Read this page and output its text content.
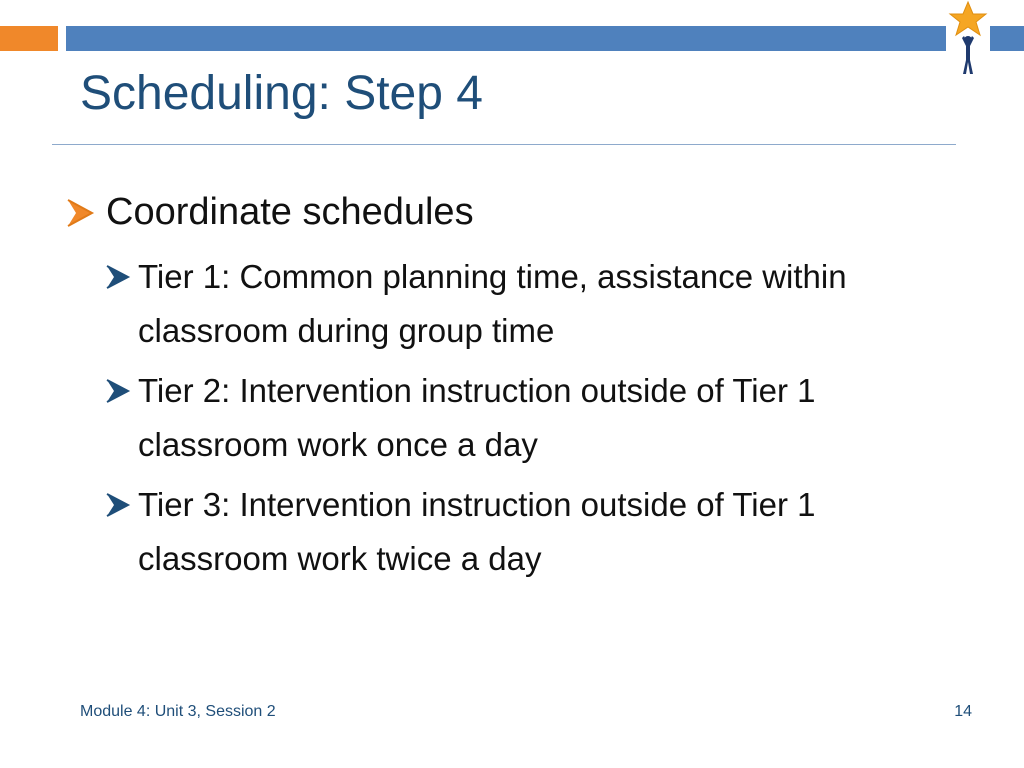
Scheduling: Step 4
Coordinate schedules
Tier 1: Common planning time, assistance within classroom during group time
Tier 2: Intervention instruction outside of Tier 1 classroom work once a day
Tier 3: Intervention instruction outside of Tier 1 classroom work twice a day
Module 4: Unit 3, Session 2	14
